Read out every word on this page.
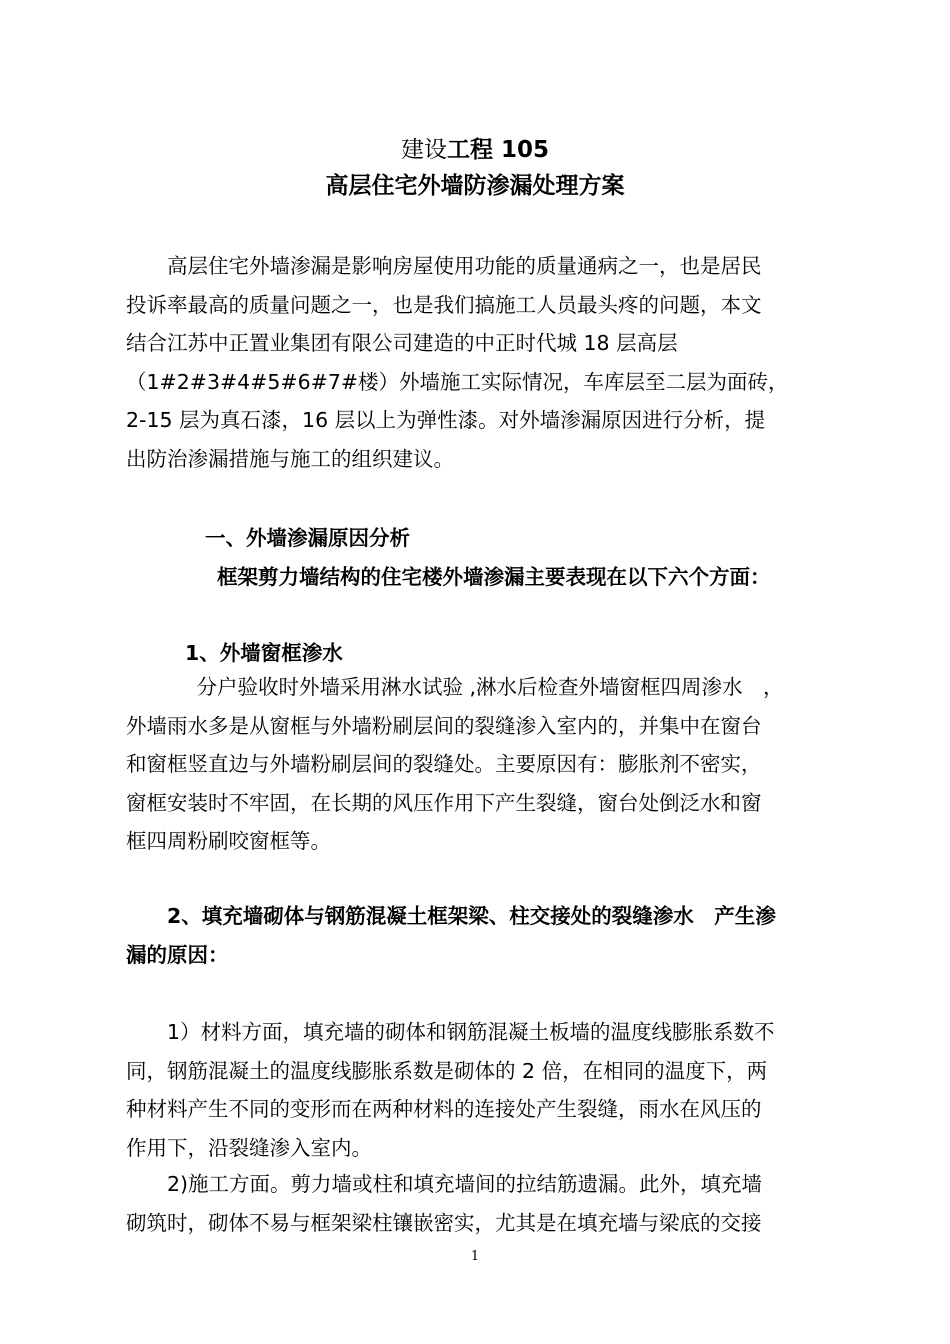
建设工程 105
高层住宅外墙防渗漏处理方案
　　高层住宅外墙渗漏是影响房屋使用功能的质量通病之一，也是居民
投诉率最高的质量问题之一，也是我们搞施工人员最头疼的问题，本文
结合江苏中正置业集团有限公司建造的中正时代城 18 层高层
（1#2#3#4#5#6#7#楼）外墙施工实际情况，车库层至二层为面砖，
2-15 层为真石漆，16 层以上为弹性漆。对外墙渗漏原因进行分析，提
出防治渗漏措施与施工的组织建议。
一、外墙渗漏原因分析
框架剪力墙结构的住宅楼外墙渗漏主要表现在以下六个方面：
1、外墙窗框渗水
　分户验收时外墙采用淋水试验 ,淋水后检查外墙窗框四周渗水　，
外墙雨水多是从窗框与外墙粉刷层间的裂缝渗入室内的，并集中在窗台
和窗框竖直边与外墙粉刷层间的裂缝处。主要原因有：膨胀剂不密实，
窗框安装时不牢固，在长期的风压作用下产生裂缝，窗台处倒泛水和窗
框四周粉刷咬窗框等。
　　2、填充墙砌体与钢筋混凝土框架梁、柱交接处的裂缝渗水　产生渗
漏的原因：
　　1）材料方面，填充墙的砌体和钢筋混凝土板墙的温度线膨胀系数不
同，钢筋混凝土的温度线膨胀系数是砌体的 2 倍，在相同的温度下，两
种材料产生不同的变形而在两种材料的连接处产生裂缝，雨水在风压的
作用下，沿裂缝渗入室内。
　　2)施工方面。剪力墙或柱和填充墙间的拉结筋遗漏。此外，填充墙
砌筑时，砌体不易与框架梁柱镶嵌密实，尤其是在填充墙与梁底的交接
1
